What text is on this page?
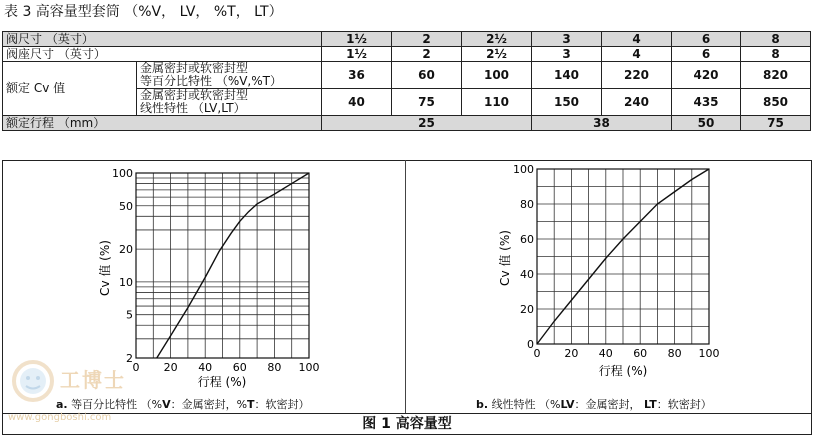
表 3 高容量型套筒 （%V， LV， %T， LT）
阀尺寸 （英寸）		1½	2	2½	3	4	6	8
阀座尺寸 （英寸）		1½	2	2½	3	4	6	8
额定 Cv 值	金属密封或软密封型
等百分比特性 （%V,%T）	36	60	100	140	220	420	820

	金属密封或软密封型
线性特性 （LV,LT）	40	75	110	150	240	435	850
额定行程 （mm）		25			38		50	75
0 20 40 60 80 100
2
5
10
20
50
100
Cv 值 (%)
行程 (%)
0 20 40 60 80 100
0
20
40
60
80
100
Cv 值 (%)
行程 (%)
a. 等百分比特性 （%V：金属密封，%T：软密封）	b. 线性特性 （%LV：金属密封， LT：软密封）
图 1 高容量型
工博士
www.gongboshi.com
